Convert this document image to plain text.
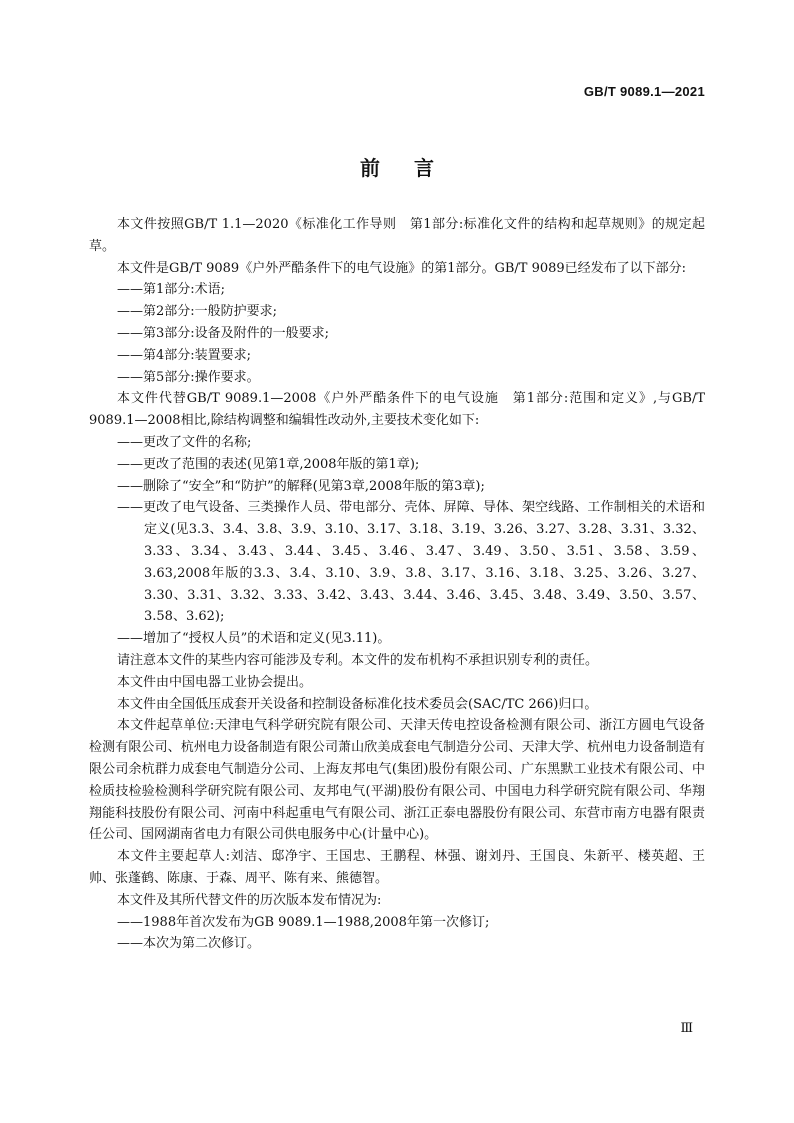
GB/T 9089.1—2021
前言

本文件按照GB/T 1.1—2020《标准化工作导则　第1部分:标准化文件的结构和起草规则》的规定起草。

本文件是GB/T 9089《户外严酷条件下的电气设施》的第1部分。GB/T 9089已经发布了以下部分:

——第1部分:术语;

——第2部分:一般防护要求;

——第3部分:设备及附件的一般要求;

——第4部分:装置要求;

——第5部分:操作要求。

本文件代替GB/T 9089.1—2008《户外严酷条件下的电气设施　第1部分:范围和定义》,与GB/T 9089.1—2008相比,除结构调整和编辑性改动外,主要技术变化如下:

——更改了文件的名称;

——更改了范围的表述(见第1章,2008年版的第1章);

——删除了“安全”和“防护”的解释(见第3章,2008年版的第3章);

——更改了电气设备、三类操作人员、带电部分、壳体、屏障、导体、架空线路、工作制相关的术语和定义(见3.3、3.4、3.8、3.9、3.10、3.17、3.18、3.19、3.26、3.27、3.28、3.31、3.32、3.33、3.34、3.43、3.44、3.45、3.46、3.47、3.49、3.50、3.51、3.58、3.59、3.63,2008年版的3.3、3.4、3.10、3.9、3.8、3.17、3.16、3.18、3.25、3.26、3.27、3.30、3.31、3.32、3.33、3.42、3.43、3.44、3.46、3.45、3.48、3.49、3.50、3.57、3.58、3.62);

——增加了“授权人员”的术语和定义(见3.11)。

请注意本文件的某些内容可能涉及专利。本文件的发布机构不承担识别专利的责任。

本文件由中国电器工业协会提出。

本文件由全国低压成套开关设备和控制设备标准化技术委员会(SAC/TC 266)归口。

本文件起草单位:天津电气科学研究院有限公司、天津天传电控设备检测有限公司、浙江方圆电气设备检测有限公司、杭州电力设备制造有限公司萧山欣美成套电气制造分公司、天津大学、杭州电力设备制造有限公司余杭群力成套电气制造分公司、上海友邦电气(集团)股份有限公司、广东黑默工业技术有限公司、中检质技检验检测科学研究院有限公司、友邦电气(平湖)股份有限公司、中国电力科学研究院有限公司、华翔翔能科技股份有限公司、河南中科起重电气有限公司、浙江正泰电器股份有限公司、东营市南方电器有限责任公司、国网湖南省电力有限公司供电服务中心(计量中心)。

本文件主要起草人:刘洁、邸净宇、王国忠、王鹏程、林强、谢刘丹、王国良、朱新平、楼英超、王帅、张蓬鹤、陈康、于森、周平、陈有来、熊德智。

本文件及其所代替文件的历次版本发布情况为:

——1988年首次发布为GB 9089.1—1988,2008年第一次修订;

——本次为第二次修订。

Ⅲ
